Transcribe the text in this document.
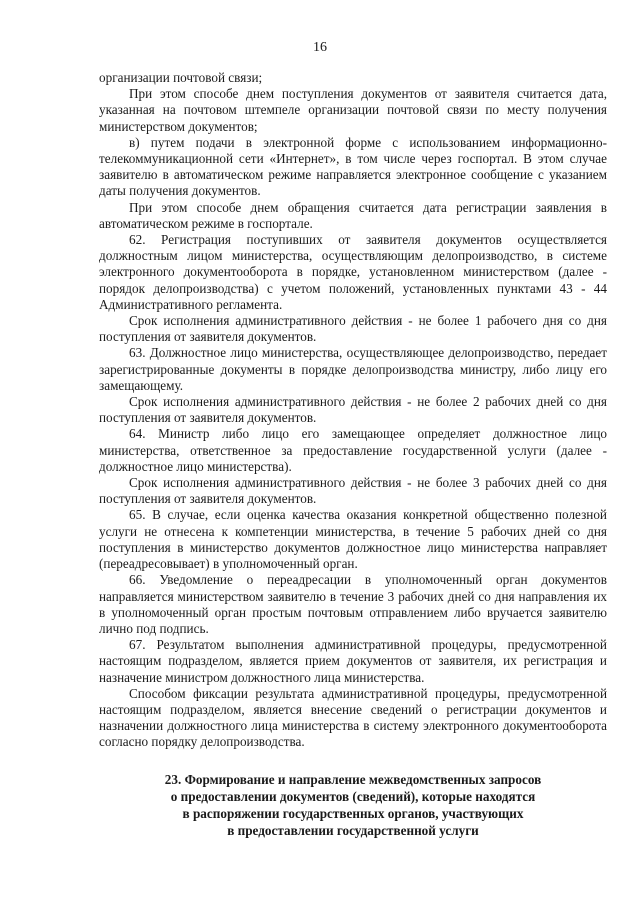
16

организации почтовой связи;

При этом способе днем поступления документов от заявителя считается дата, указанная на почтовом штемпеле организации почтовой связи по месту получения министерством документов;

в) путем подачи в электронной форме с использованием информационно-телекоммуникационной сети «Интернет», в том числе через госпортал. В этом случае заявителю в автоматическом режиме направляется электронное сообщение с указанием даты получения документов.

При этом способе днем обращения считается дата регистрации заявления в автоматическом режиме в госпортале.

62. Регистрация поступивших от заявителя документов осуществляется должностным лицом министерства, осуществляющим делопроизводство, в системе электронного документооборота в порядке, установленном министерством (далее - порядок делопроизводства) с учетом положений, установленных пунктами 43 - 44 Административного регламента.

Срок исполнения административного действия - не более 1 рабочего дня со дня поступления от заявителя документов.

63. Должностное лицо министерства, осуществляющее делопроизводство, передает зарегистрированные документы в порядке делопроизводства министру, либо лицу его замещающему.

Срок исполнения административного действия - не более 2 рабочих дней со дня поступления от заявителя документов.

64. Министр либо лицо его замещающее определяет должностное лицо министерства, ответственное за предоставление государственной услуги (далее - должностное лицо министерства).

Срок исполнения административного действия - не более 3 рабочих дней со дня поступления от заявителя документов.

65. В случае, если оценка качества оказания конкретной общественно полезной услуги не отнесена к компетенции министерства, в течение 5 рабочих дней со дня поступления в министерство документов должностное лицо министерства направляет (переадресовывает) в уполномоченный орган.

66. Уведомление о переадресации в уполномоченный орган документов направляется министерством заявителю в течение 3 рабочих дней со дня направления их в уполномоченный орган простым почтовым отправлением либо вручается заявителю лично под подпись.

67. Результатом выполнения административной процедуры, предусмотренной настоящим подразделом, является прием документов от заявителя, их регистрация и назначение министром должностного лица министерства.

Способом фиксации результата административной процедуры, предусмотренной настоящим подразделом, является внесение сведений о регистрации документов и назначении должностного лица министерства в систему электронного документооборота согласно порядку делопроизводства.

23. Формирование и направление межведомственных запросов
о предоставлении документов (сведений), которые находятся
в распоряжении государственных органов, участвующих
в предоставлении государственной услуги
